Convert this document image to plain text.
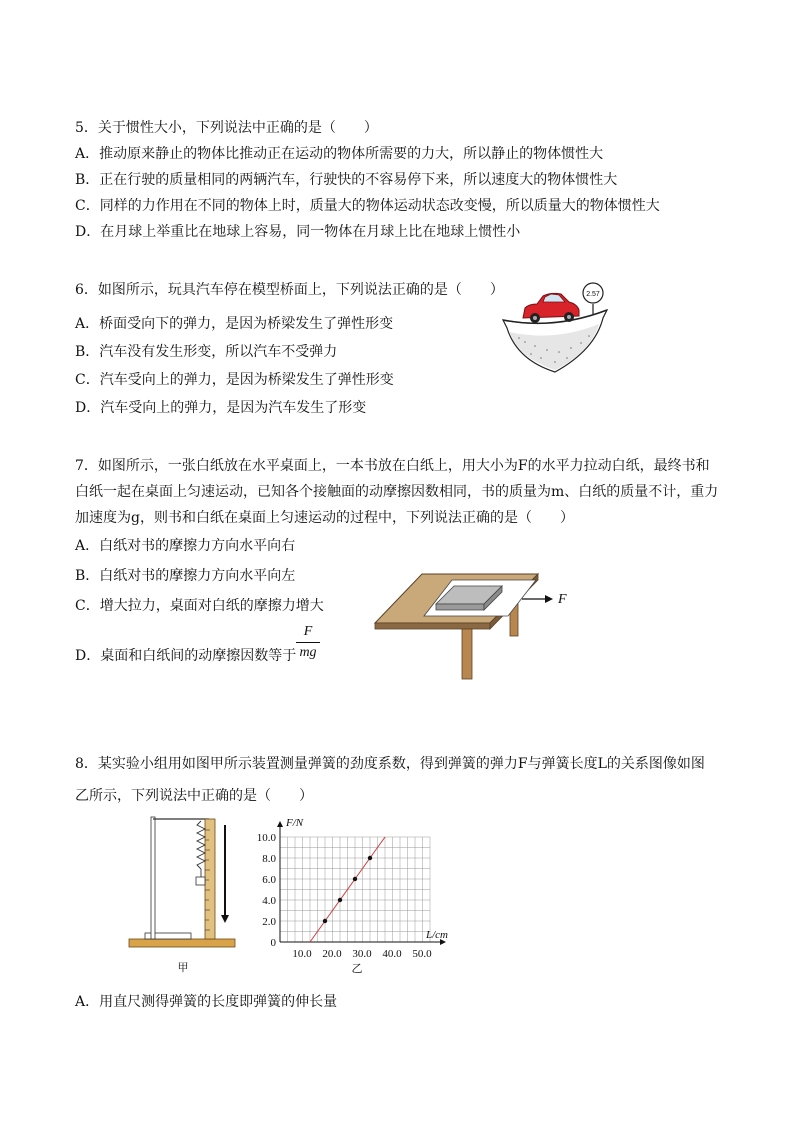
5．关于惯性大小，下列说法中正确的是（　　）
A．推动原来静止的物体比推动正在运动的物体所需要的力大，所以静止的物体惯性大
B．正在行驶的质量相同的两辆汽车，行驶快的不容易停下来，所以速度大的物体惯性大
C．同样的力作用在不同的物体上时，质量大的物体运动状态改变慢，所以质量大的物体惯性大
D．在月球上举重比在地球上容易，同一物体在月球上比在地球上惯性小
6．如图所示，玩具汽车停在模型桥面上，下列说法正确的是（　　）
A．桥面受向下的弹力，是因为桥梁发生了弹性形变
B．汽车没有发生形变，所以汽车不受弹力
C．汽车受向上的弹力，是因为桥梁发生了弹性形变
D．汽车受向上的弹力，是因为汽车发生了形变
2.57
7．如图所示，一张白纸放在水平桌面上，一本书放在白纸上，用大小为F的水平力拉动白纸，最终书和
白纸一起在桌面上匀速运动，已知各个接触面的动摩擦因数相同，书的质量为m、白纸的质量不计，重力
加速度为g，则书和白纸在桌面上匀速运动的过程中，下列说法正确的是（　　）
A．白纸对书的摩擦力方向水平向右
B．白纸对书的摩擦力方向水平向左
C．增大拉力，桌面对白纸的摩擦力增大
D．桌面和白纸间的动摩擦因数等于
F
mg
F
8．某实验小组用如图甲所示装置测量弹簧的劲度系数，得到弹簧的弹力F与弹簧长度L的关系图像如图
乙所示，下列说法中正确的是（　　）
甲
10.0
8.0
6.0
4.0
2.0
0
10.0 20.0 30.0 40.0 50.0
F/N
L/cm
乙
A．用直尺测得弹簧的长度即弹簧的伸长量
